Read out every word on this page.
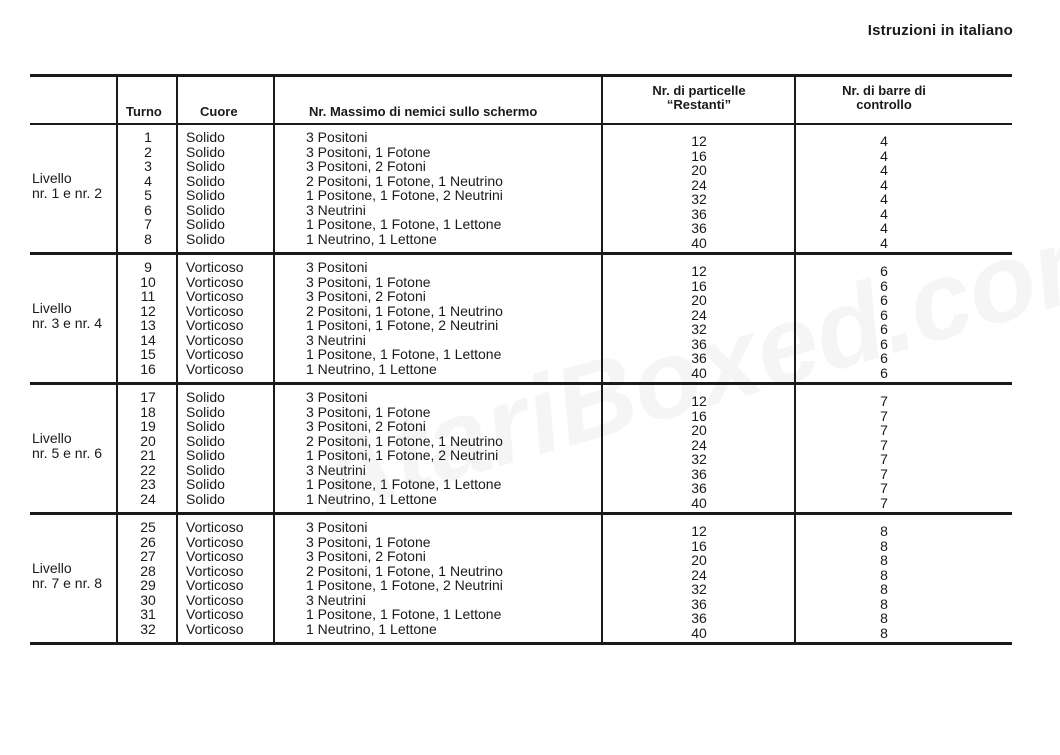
Istruzioni in italiano
Turno	Cuore	Nr. Massimo di nemici sullo schermo
Nr. di particelle
“Restanti”
Nr. di barre di
controllo
Livello
nr. 1 e nr. 2
1
2
3
4
5
6
7
8
Solido
Solido
Solido
Solido
Solido
Solido
Solido
Solido
3 Positoni
3 Positoni, 1 Fotone
3 Positoni, 2 Fotoni
2 Positoni, 1 Fotone, 1 Neutrino
1 Positone, 1 Fotone, 2 Neutrini
3 Neutrini
1 Positone, 1 Fotone, 1 Lettone
1 Neutrino, 1 Lettone
12
16
20
24
32
36
36
40
4
4
4
4
4
4
4
4
Livello
nr. 3 e nr. 4
9
10
11
12
13
14
15
16
Vorticoso
Vorticoso
Vorticoso
Vorticoso
Vorticoso
Vorticoso
Vorticoso
Vorticoso
3 Positoni
3 Positoni, 1 Fotone
3 Positoni, 2 Fotoni
2 Positoni, 1 Fotone, 1 Neutrino
1 Positoni, 1 Fotone, 2 Neutrini
3 Neutrini
1 Positone, 1 Fotone, 1 Lettone
1 Neutrino, 1 Lettone
12
16
20
24
32
36
36
40
6
6
6
6
6
6
6
6
Livello
nr. 5 e nr. 6
17
18
19
20
21
22
23
24
Solido
Solido
Solido
Solido
Solido
Solido
Solido
Solido
3 Positoni
3 Positoni, 1 Fotone
3 Positoni, 2 Fotoni
2 Positoni, 1 Fotone, 1 Neutrino
1 Positoni, 1 Fotone, 2 Neutrini
3 Neutrini
1 Positone, 1 Fotone, 1 Lettone
1 Neutrino, 1 Lettone
12
16
20
24
32
36
36
40
7
7
7
7
7
7
7
7
Livello
nr. 7 e nr. 8
25
26
27
28
29
30
31
32
Vorticoso
Vorticoso
Vorticoso
Vorticoso
Vorticoso
Vorticoso
Vorticoso
Vorticoso
3 Positoni
3 Positoni, 1 Fotone
3 Positoni, 2 Fotoni
2 Positoni, 1 Fotone, 1 Neutrino
1 Positone, 1 Fotone, 2 Neutrini
3 Neutrini
1 Positone, 1 Fotone, 1 Lettone
1 Neutrino, 1 Lettone
12
16
20
24
32
36
36
40
8
8
8
8
8
8
8
8
